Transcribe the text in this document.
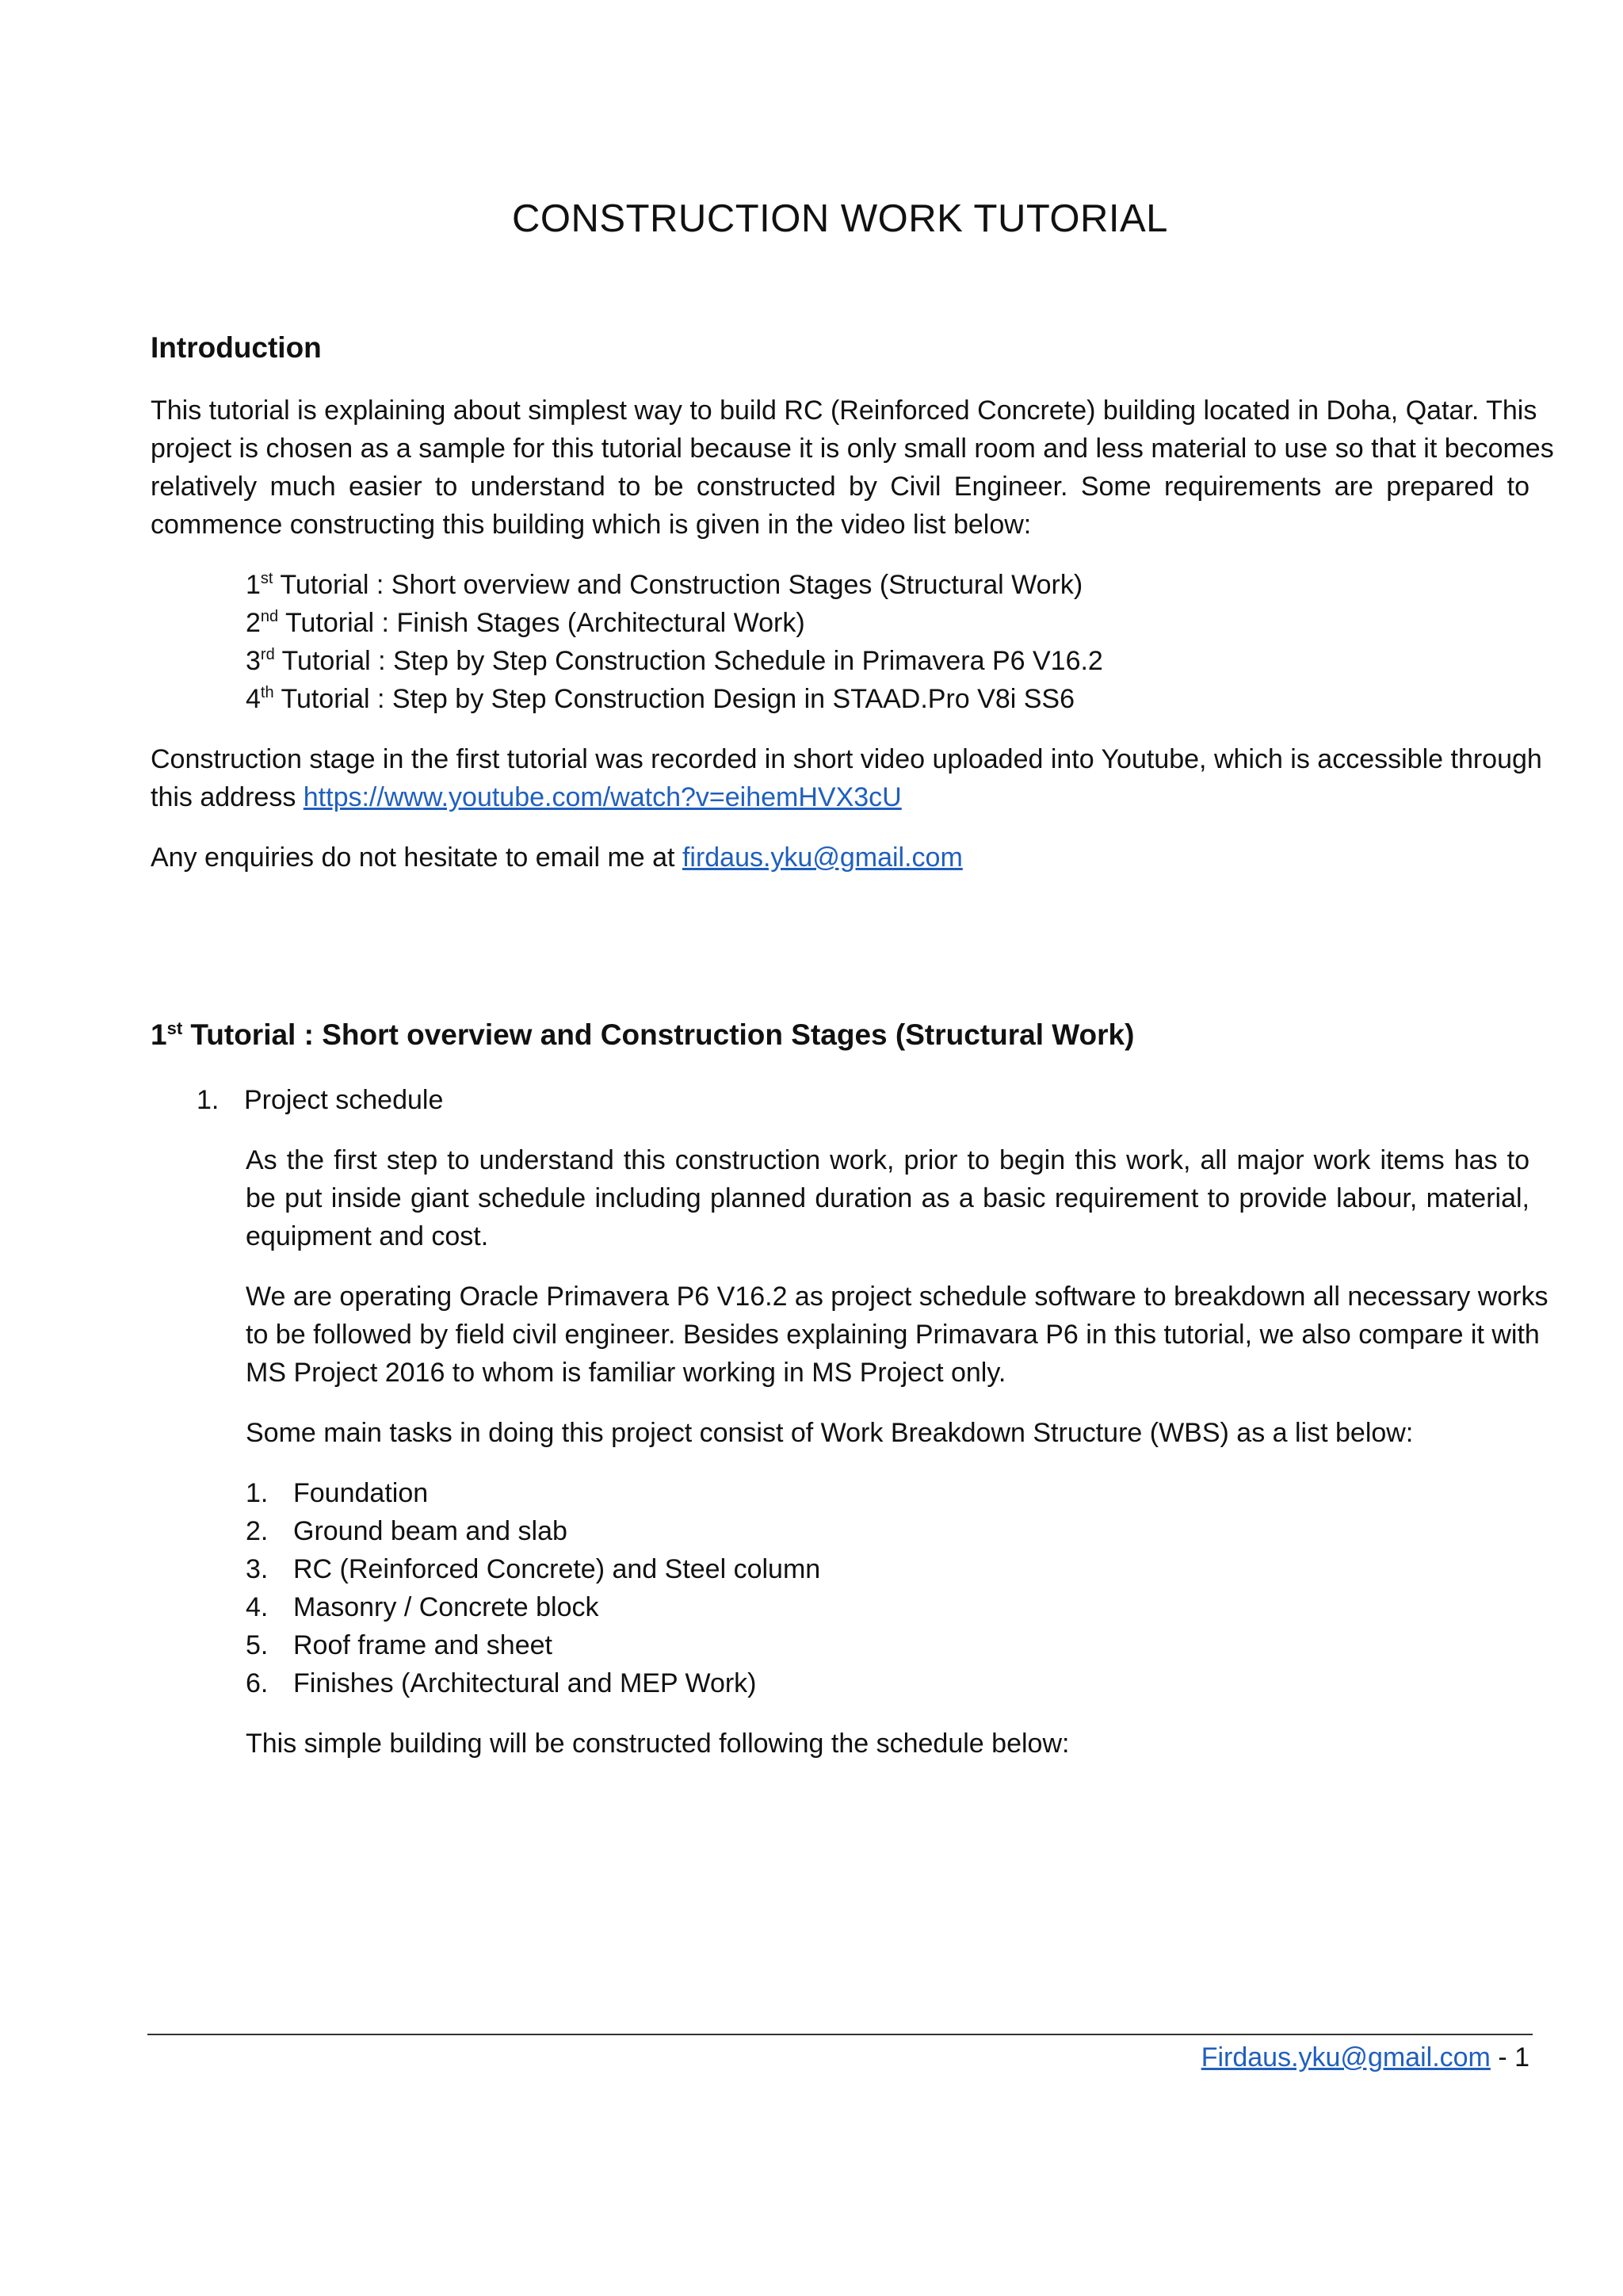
CONSTRUCTION WORK TUTORIAL
Introduction
This tutorial is explaining about simplest way to build RC (Reinforced Concrete) building located in Doha, Qatar. This
project is chosen as a sample for this tutorial because it is only small room and less material to use so that it becomes
relatively much easier to understand to be constructed by Civil Engineer. Some requirements are prepared to
commence constructing this building which is given in the video list below:
1st Tutorial : Short overview and Construction Stages (Structural Work)
2nd Tutorial : Finish Stages (Architectural Work)
3rd Tutorial : Step by Step Construction Schedule in Primavera P6 V16.2
4th Tutorial : Step by Step Construction Design in STAAD.Pro V8i SS6
Construction stage in the first tutorial was recorded in short video uploaded into Youtube, which is accessible through
this address https://www.youtube.com/watch?v=eihemHVX3cU
Any enquiries do not hesitate to email me at firdaus.yku@gmail.com
1st Tutorial : Short overview and Construction Stages (Structural Work)
1. Project schedule
As the first step to understand this construction work, prior to begin this work, all major work items has to
be put inside giant schedule including planned duration as a basic requirement to provide labour, material,
equipment and cost.
We are operating Oracle Primavera P6 V16.2 as project schedule software to breakdown all necessary works
to be followed by field civil engineer. Besides explaining Primavara P6 in this tutorial, we also compare it with
MS Project 2016 to whom is familiar working in MS Project only.
Some main tasks in doing this project consist of Work Breakdown Structure (WBS) as a list below:
1. Foundation
2. Ground beam and slab
3. RC (Reinforced Concrete) and Steel column
4. Masonry / Concrete block
5. Roof frame and sheet
6. Finishes (Architectural and MEP Work)
This simple building will be constructed following the schedule below:
Firdaus.yku@gmail.com - 1
